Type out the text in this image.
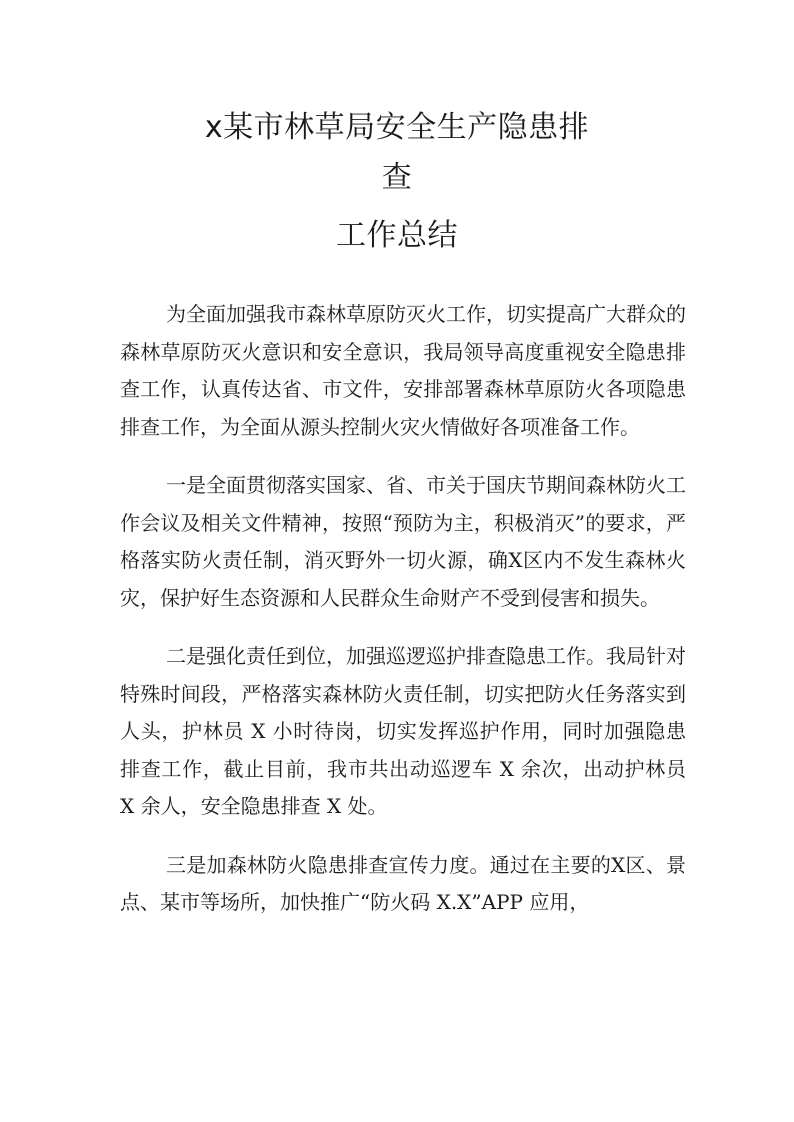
x某市林草局安全生产隐患排
查
工作总结

为全面加强我市森林草原防灭火工作，切实提高广大群众的森林草原防灭火意识和安全意识，我局领导高度重视安全隐患排查工作，认真传达省、市文件，安排部署森林草原防火各项隐患排查工作，为全面从源头控制火灾火情做好各项准备工作。

一是全面贯彻落实国家、省、市关于国庆节期间森林防火工作会议及相关文件精神，按照“预防为主，积极消灭”的要求，严格落实防火责任制，消灭野外一切火源，确X区内不发生森林火灾，保护好生态资源和人民群众生命财产不受到侵害和损失。

二是强化责任到位，加强巡逻巡护排查隐患工作。我局针对特殊时间段，严格落实森林防火责任制，切实把防火任务落实到人头，护林员 X 小时待岗，切实发挥巡护作用，同时加强隐患排查工作，截止目前，我市共出动巡逻车 X 余次，出动护林员 X 余人，安全隐患排查 X 处。

三是加森林防火隐患排查宣传力度。通过在主要的X区、景点、某市等场所，加快推广“防火码 X.X”APP 应用，
